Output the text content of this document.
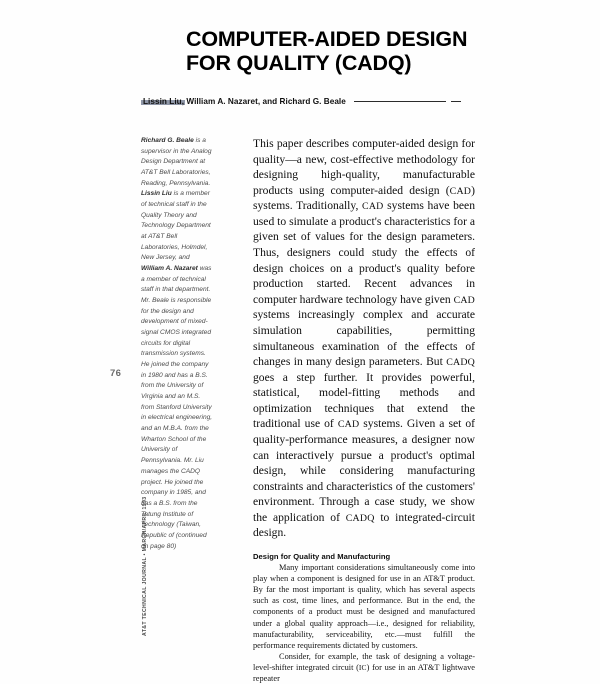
76
COMPUTER-AIDED DESIGN
FOR QUALITY (CADQ)
Lissin Liu, William A. Nazaret, and Richard G. Beale
Richard G. Beale is a supervisor in the Analog Design Department at AT&T Bell Laboratories, Reading, Pennsylvania. Lissin Liu is a member of technical staff in the Quality Theory and Technology Department at AT&T Bell Laboratories, Holmdel, New Jersey, and William A. Nazaret was a member of technical staff in that department. Mr. Beale is responsible for the design and development of mixed-signal CMOS integrated circuits for digital transmission systems. He joined the company in 1980 and has a B.S. from the University of Virginia and an M.S. from Stanford University in electrical engineering, and an M.B.A. from the Wharton School of the University of Pennsylvania. Mr. Liu manages the CADQ project. He joined the company in 1985, and has a B.S. from the Tatung Institute of Technology (Taiwan, Republic of (continued on page 80)

This paper describes computer-aided design for quality—a new, cost-effective methodology for designing high-quality, manufacturable products using computer-aided design (CAD) systems. Traditionally, CAD systems have been used to simulate a product's characteristics for a given set of values for the design parameters. Thus, designers could study the effects of design choices on a product's quality before production started. Recent advances in computer hardware technology have given CAD systems increasingly complex and accurate simulation capabilities, permitting simultaneous examination of the effects of changes in many design parameters. But CADQ goes a step further. It provides powerful, statistical, model-fitting methods and optimization techniques that extend the traditional use of CAD systems. Given a set of quality-performance measures, a designer now can interactively pursue a product's optimal design, while considering manufacturing constraints and characteristics of the customers' environment. Through a case study, we show the application of CADQ to integrated-circuit design.

Design for Quality and Manufacturing

Many important considerations simultaneously come into play when a component is designed for use in an AT&T product. By far the most important is quality, which has several aspects such as cost, time lines, and performance. But in the end, the components of a product must be designed and manufactured under a global quality approach—i.e., designed for reliability, manufacturability, serviceability, etc.—must fulfill the performance requirements dictated by customers.

Consider, for example, the task of designing a voltage-level-shifter integrated circuit (IC) for use in an AT&T lightwave repeater

AT&T TECHNICAL JOURNAL • MARCH/APRIL 1993
